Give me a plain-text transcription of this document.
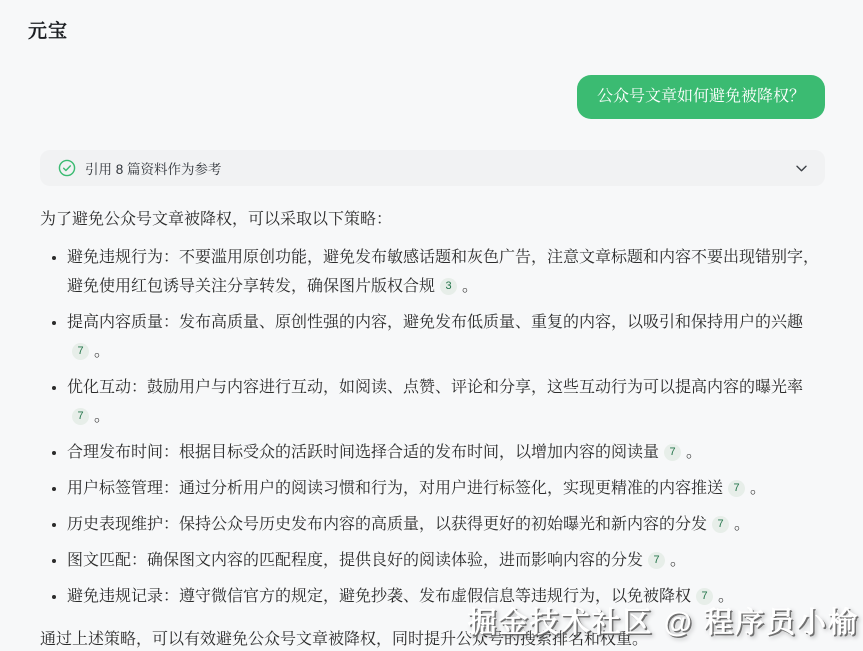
元宝
公众号文章如何避免被降权？
引用 8 篇资料作为参考

为了避免公众号文章被降权，可以采取以下策略：

• 避免违规行为：不要滥用原创功能，避免发布敏感话题和灰色广告，注意文章标题和内容不要出现错别字，避免使用红包诱导关注分享转发，确保图片版权合规 3 。
• 提高内容质量：发布高质量、原创性强的内容，避免发布低质量、重复的内容，以吸引和保持用户的兴趣7 。
• 优化互动：鼓励用户与内容进行互动，如阅读、点赞、评论和分享，这些互动行为可以提高内容的曝光率7 。
• 合理发布时间：根据目标受众的活跃时间选择合适的发布时间，以增加内容的阅读量 7 。
• 用户标签管理：通过分析用户的阅读习惯和行为，对用户进行标签化，实现更精准的内容推送 7 。
• 历史表现维护：保持公众号历史发布内容的高质量，以获得更好的初始曝光和新内容的分发 7 。
• 图文匹配：确保图文内容的匹配程度，提供良好的阅读体验，进而影响内容的分发 7 。
• 避免违规记录：遵守微信官方的规定，避免抄袭、发布虚假信息等违规行为，以免被降权 7 。

通过上述策略，可以有效避免公众号文章被降权，同时提升公众号的搜索排名和权重。

掘金技术社区 @ 程序员小榆
